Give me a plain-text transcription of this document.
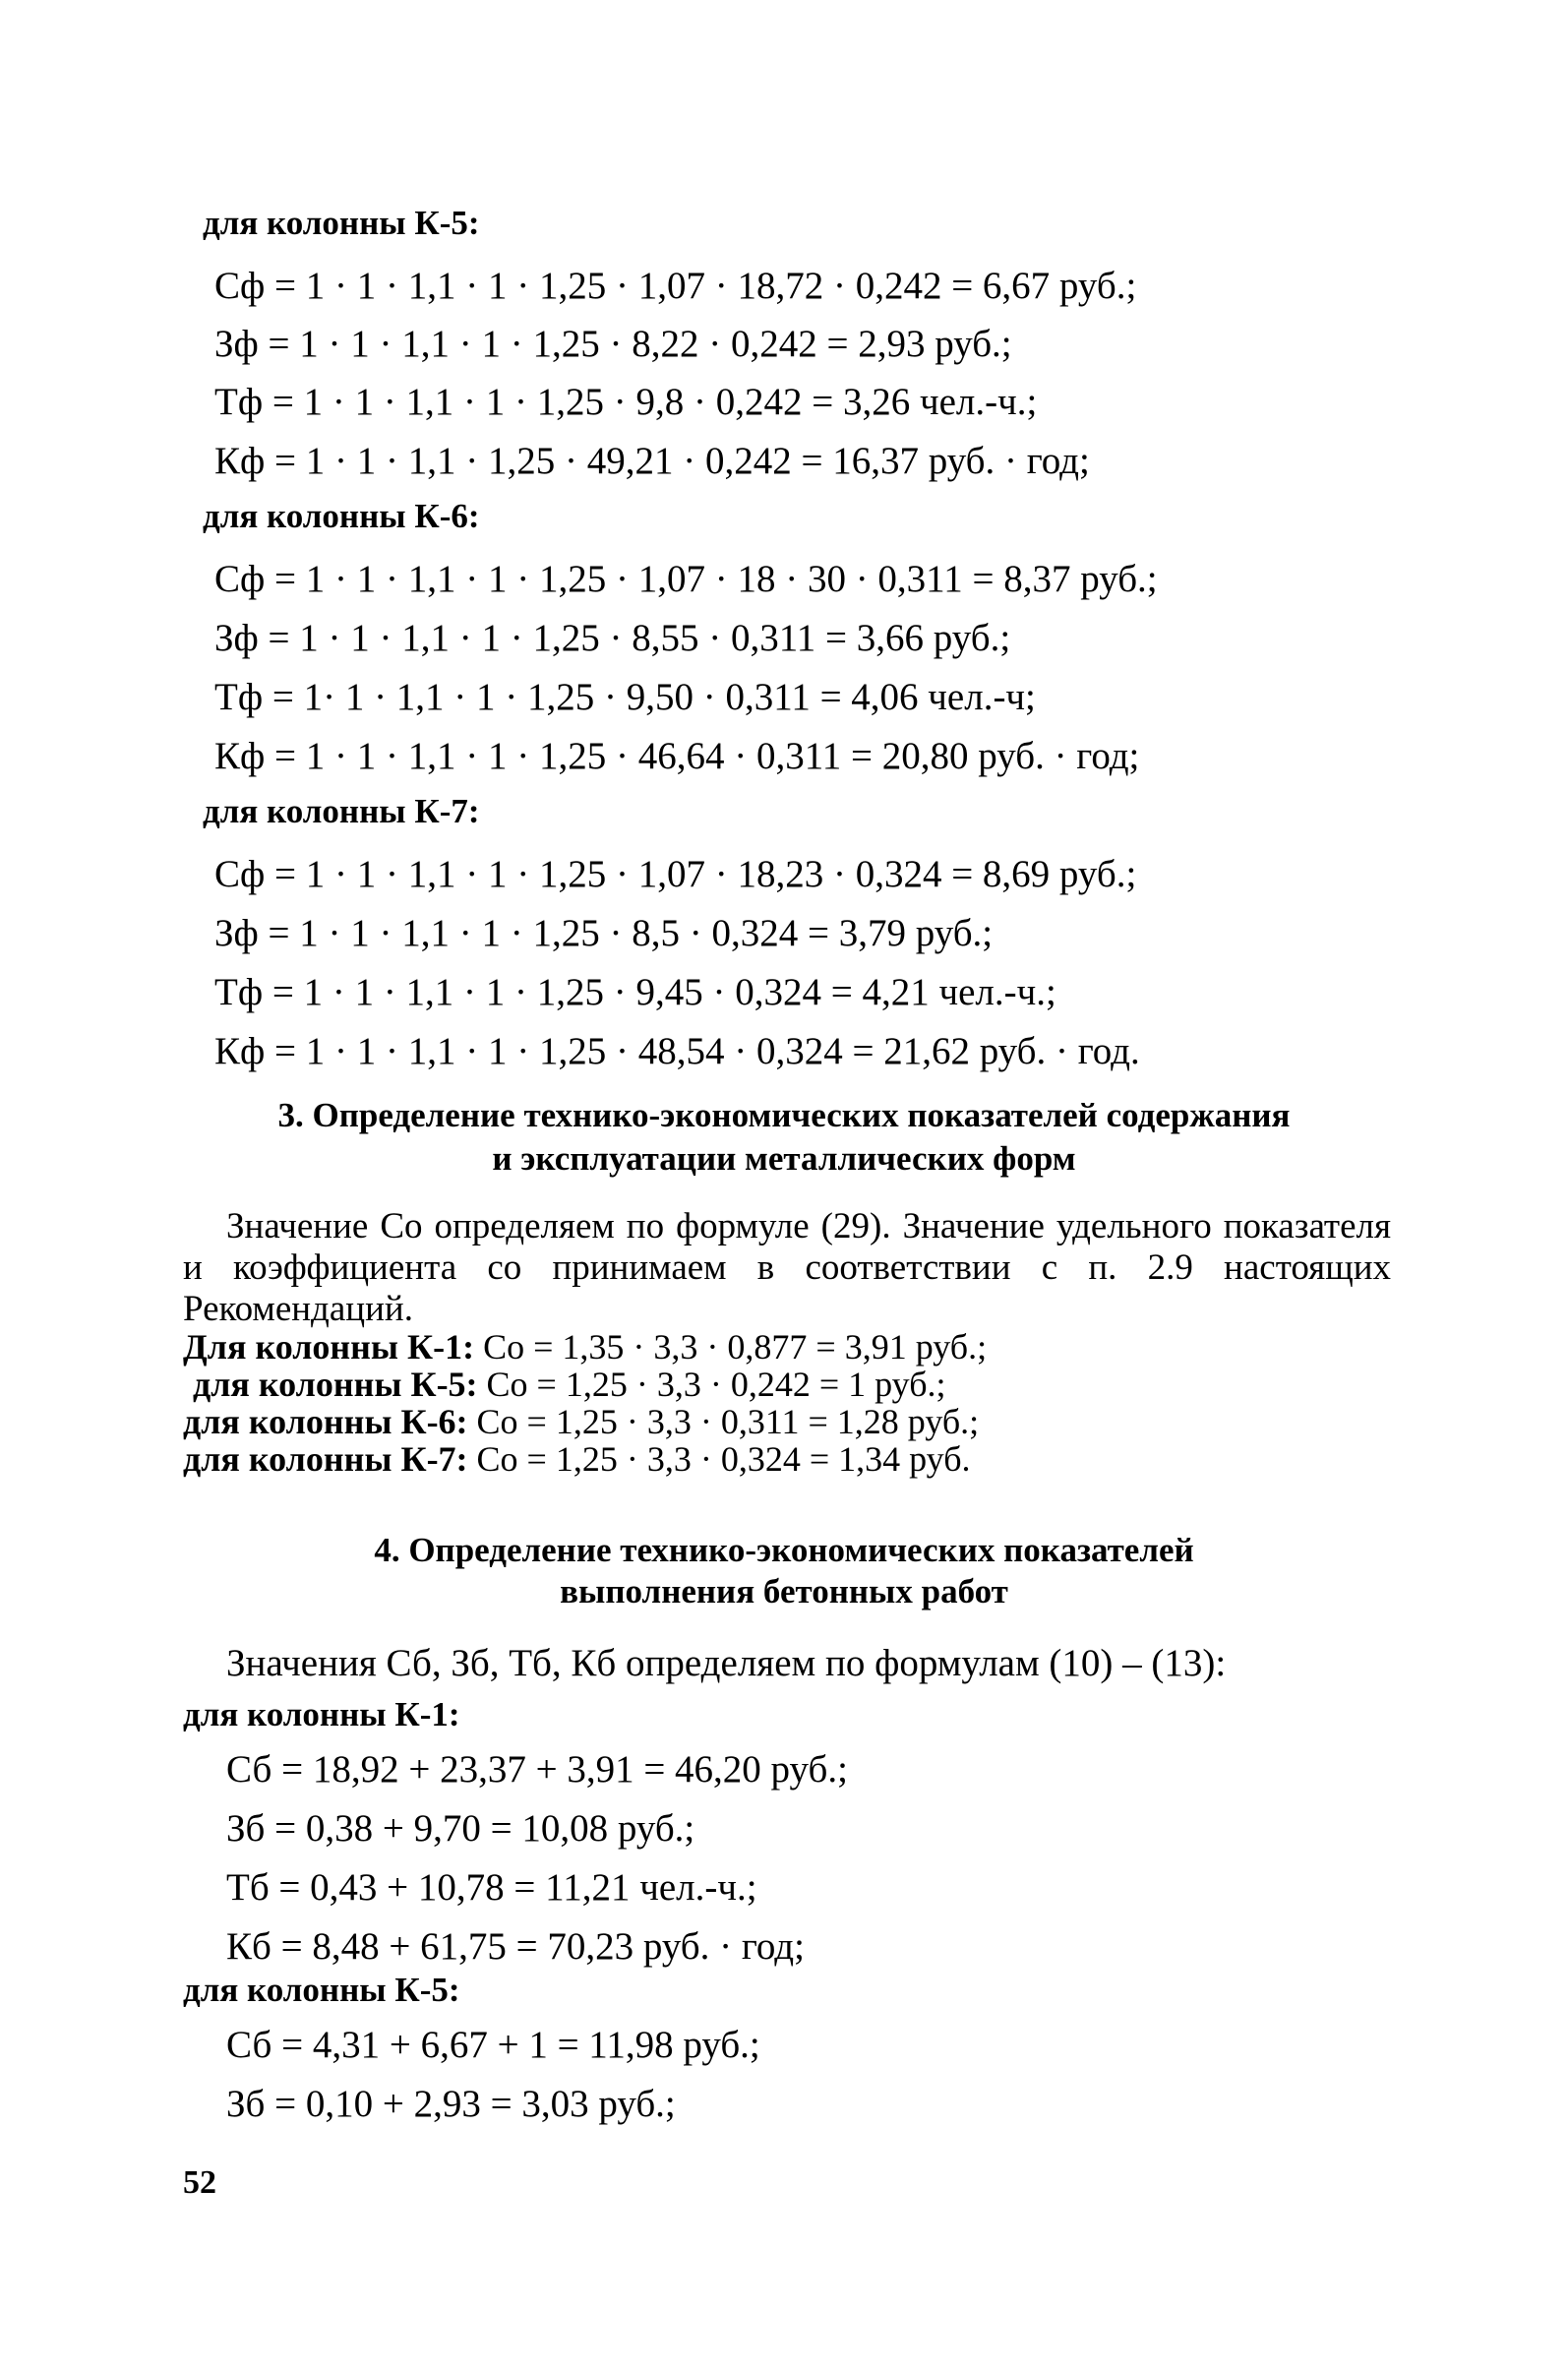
для колонны К-5:
Сф = 1 · 1 · 1,1 · 1 · 1,25 · 1,07 · 18,72 · 0,242 = 6,67 руб.;
Зф = 1 · 1 · 1,1 · 1 · 1,25 · 8,22 · 0,242 = 2,93 руб.;
Тф = 1 · 1 · 1,1 · 1 · 1,25 · 9,8 · 0,242 = 3,26 чел.-ч.;
Кф = 1 · 1 · 1,1 · 1,25 · 49,21 · 0,242 = 16,37 руб. · год;
для колонны К-6:
Сф = 1 · 1 · 1,1 · 1 · 1,25 · 1,07 · 18 · 30 · 0,311 = 8,37 руб.;
Зф = 1 · 1 · 1,1 · 1 · 1,25 · 8,55 · 0,311 = 3,66 руб.;
Тф = 1· 1 · 1,1 · 1 · 1,25 · 9,50 · 0,311 = 4,06 чел.-ч;
Кф = 1 · 1 · 1,1 · 1 · 1,25 · 46,64 · 0,311 = 20,80 руб. · год;
для колонны К-7:
Сф = 1 · 1 · 1,1 · 1 · 1,25 · 1,07 · 18,23 · 0,324 = 8,69 руб.;
Зф = 1 · 1 · 1,1 · 1 · 1,25 · 8,5 · 0,324 = 3,79 руб.;
Тф = 1 · 1 · 1,1 · 1 · 1,25 · 9,45 · 0,324 = 4,21 чел.-ч.;
Кф = 1 · 1 · 1,1 · 1 · 1,25 · 48,54 · 0,324 = 21,62 руб. · год.
3. Определение технико-экономических показателей содержания
и эксплуатации металлических форм
Значение Со определяем по формуле (29). Значение удельного показателя и коэффициента со принимаем в соответствии с п. 2.9 настоящих Рекомендаций.
Для колонны К-1: Со = 1,35 · 3,3 · 0,877 = 3,91 руб.;
для колонны К-5: Со = 1,25 · 3,3 · 0,242 = 1 руб.;
для колонны К-6: Со = 1,25 · 3,3 · 0,311 = 1,28 руб.;
для колонны К-7: Со = 1,25 · 3,3 · 0,324 = 1,34 руб.
4. Определение технико-экономических показателей
выполнения бетонных работ
Значения Сб, Зб, Тб, Кб определяем по формулам (10) – (13):
для колонны К-1:
Сб = 18,92 + 23,37 + 3,91 = 46,20 руб.;
Зб = 0,38 + 9,70 = 10,08 руб.;
Тб = 0,43 + 10,78 = 11,21 чел.-ч.;
Кб = 8,48 + 61,75 = 70,23 руб. · год;
для колонны К-5:
Сб = 4,31 + 6,67 + 1 = 11,98 руб.;
Зб = 0,10 + 2,93 = 3,03 руб.;
52
